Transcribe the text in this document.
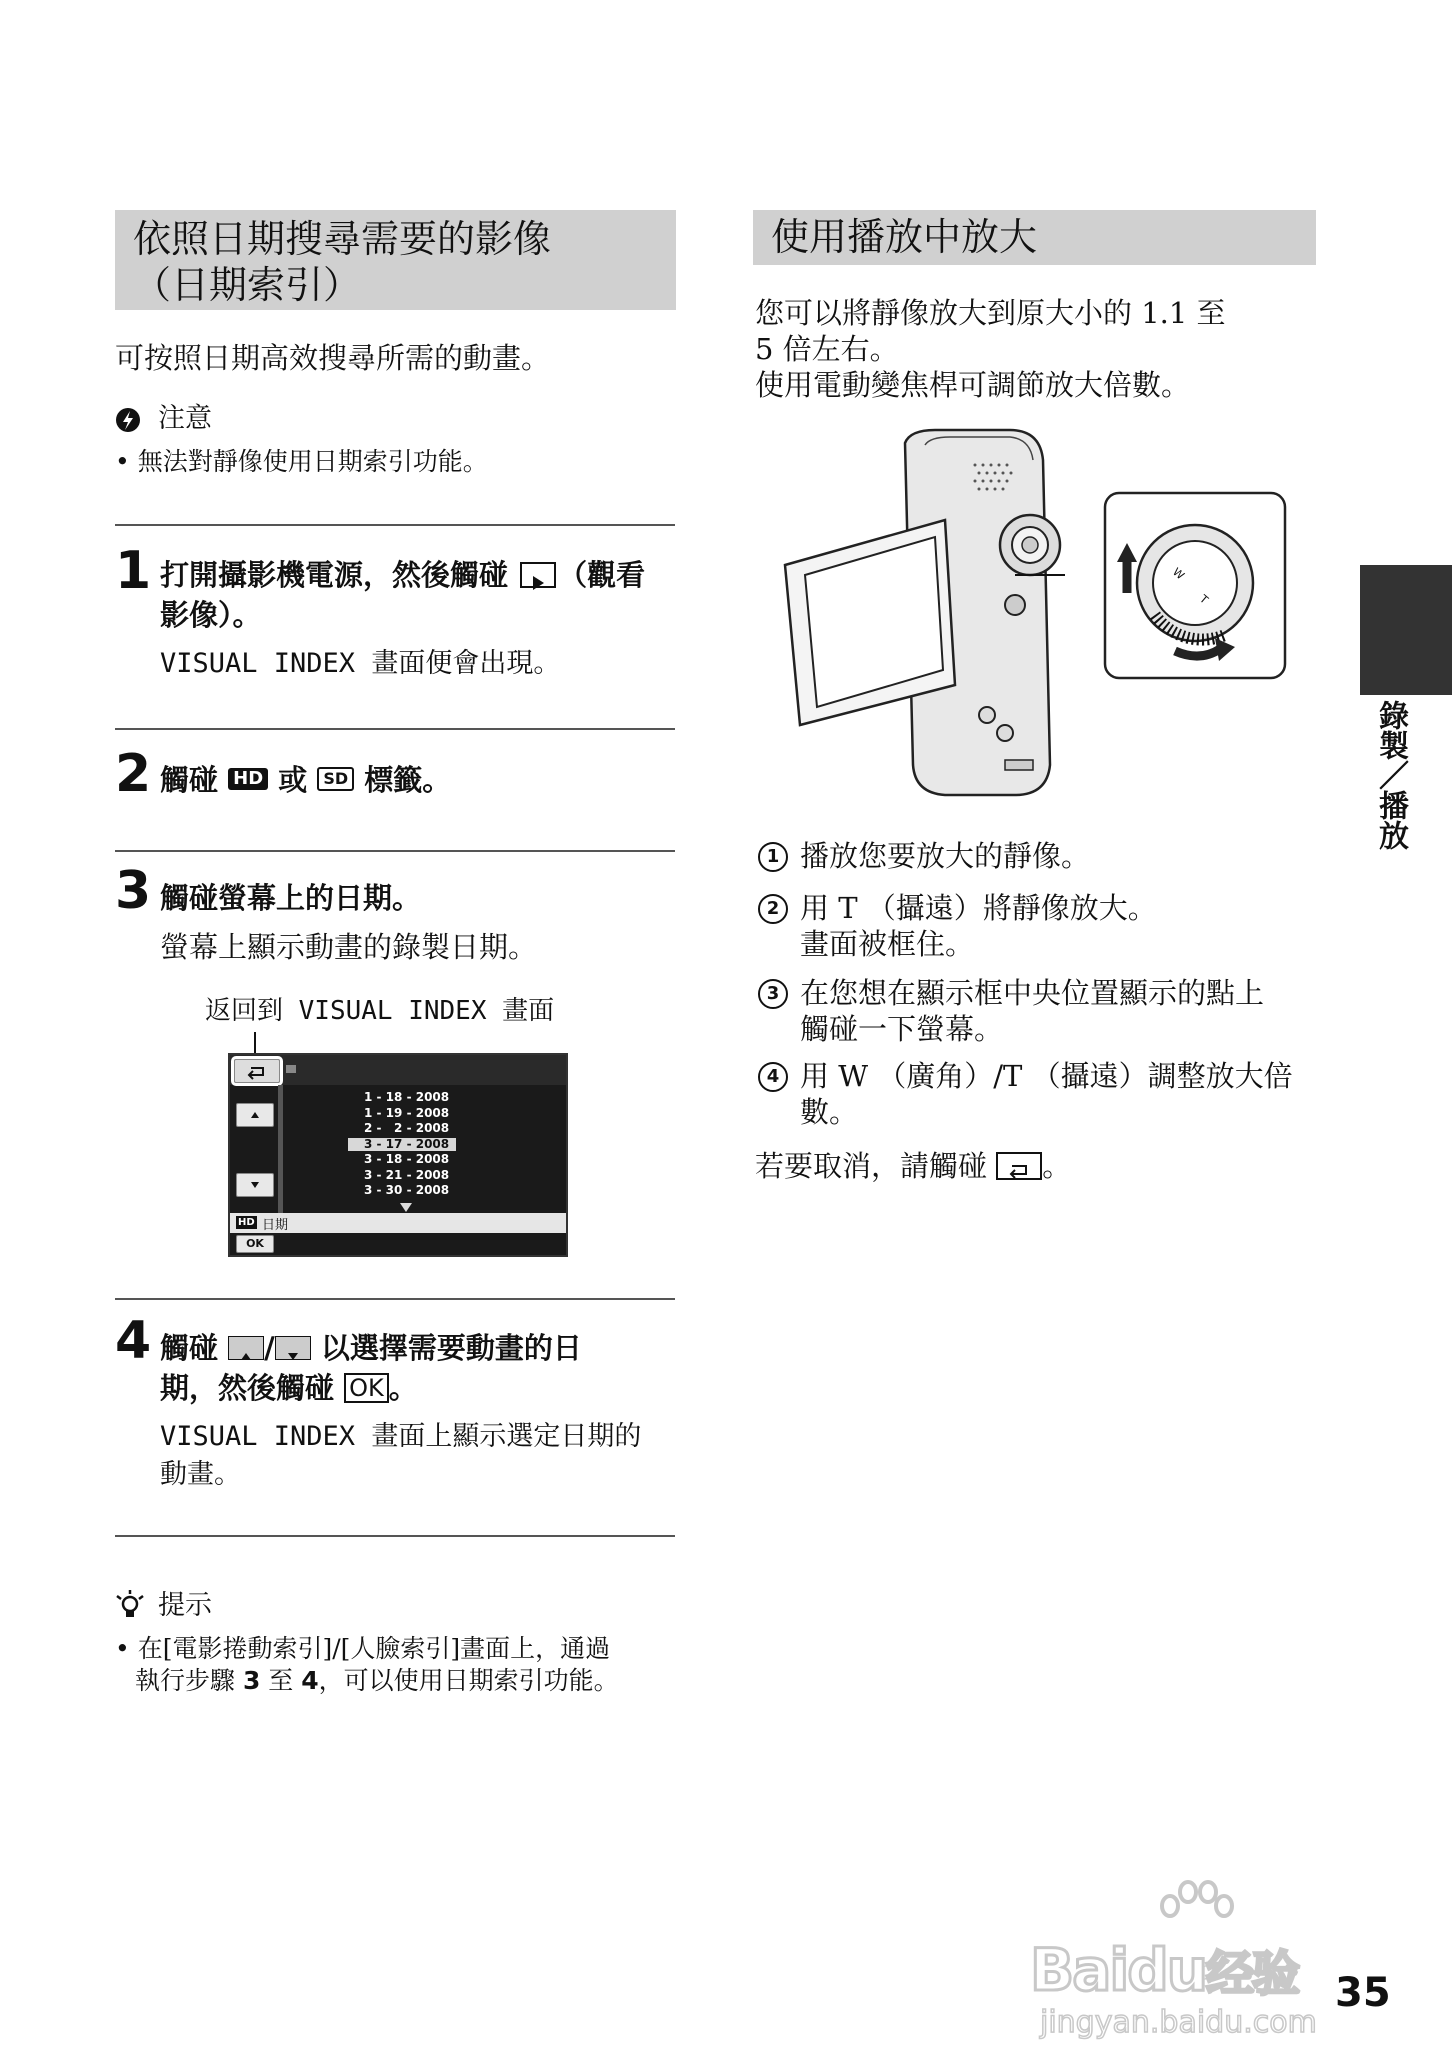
依照日期搜尋需要的影像
（日期索引）
可按照日期高效搜尋所需的動畫。
注意
• 無法對靜像使用日期索引功能。
1 打開攝影機電源，然後觸碰 （觀看
影像）。
VISUAL INDEX 畫面便會出現。
2 觸碰 HD 或 SD 標籤。
3 觸碰螢幕上的日期。
螢幕上顯示動畫的錄製日期。
返回到 VISUAL INDEX 畫面
1 - 18 - 2008
1 - 19 - 2008
2 -   2 - 2008
3 - 17 - 2008
3 - 18 - 2008
3 - 21 - 2008
3 - 30 - 2008
HD 日期
OK
4 觸碰 / 以選擇需要動畫的日
期，然後觸碰 OK 。
VISUAL INDEX 畫面上顯示選定日期的
動畫。
提示
• 在[電影捲動索引]/[人臉索引]畫面上，通過
執行步驟 3 至 4，可以使用日期索引功能。
使用播放中放大
您可以將靜像放大到原大小的 1.1 至
5 倍左右。
使用電動變焦桿可調節放大倍數。
W
T
1 播放您要放大的靜像。
2 用 T （攝遠）將靜像放大。
畫面被框住。
3 在您想在顯示框中央位置顯示的點上
觸碰一下螢幕。
4 用 W （廣角）/T （攝遠）調整放大倍
數。
若要取消，請觸碰 。
錄製／播放
Baidu经验
jingyan.baidu.com
35
